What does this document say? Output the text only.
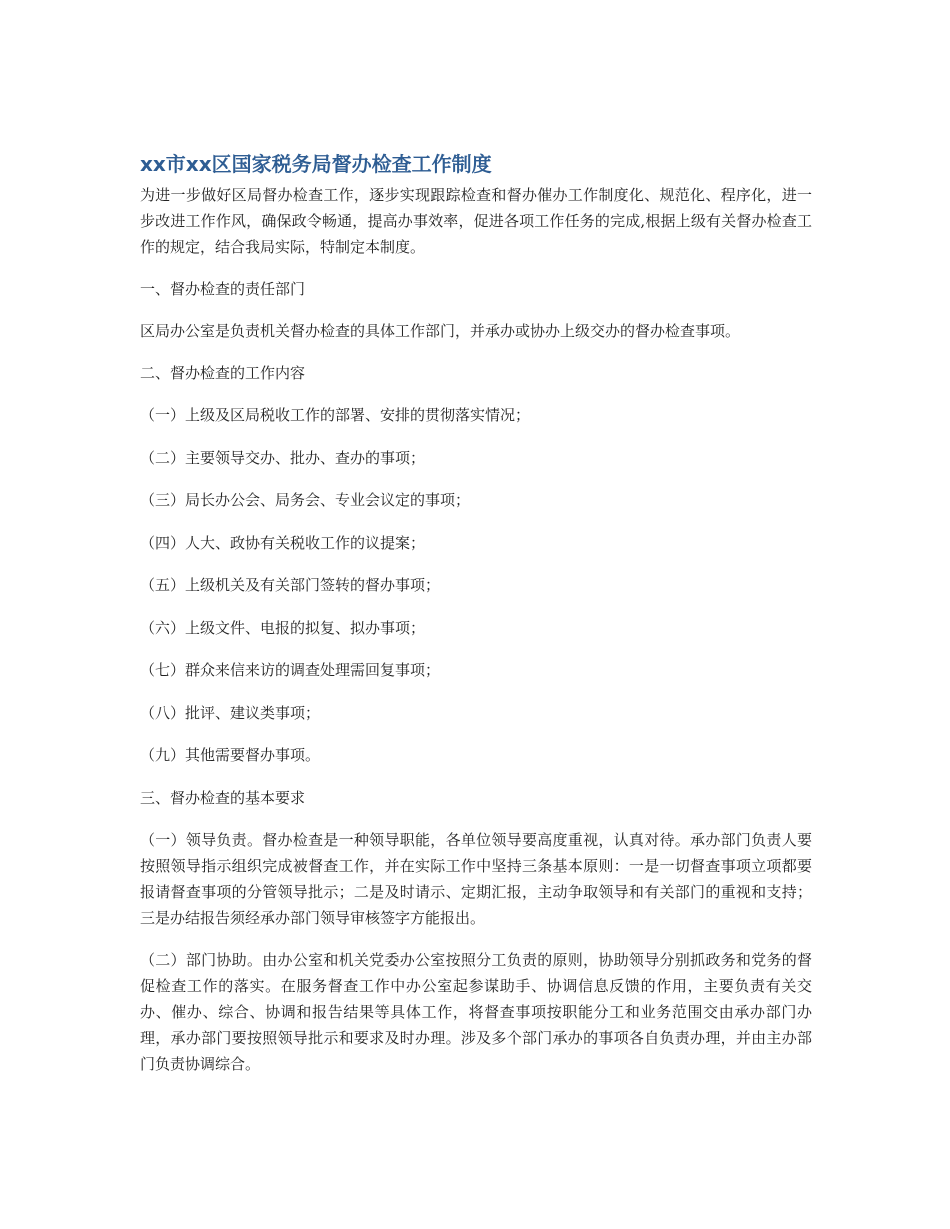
xx市xx区国家税务局督办检查工作制度

为进一步做好区局督办检查工作，逐步实现跟踪检查和督办催办工作制度化、规范化、程序化，进一步改进工作作风，确保政令畅通，提高办事效率，促进各项工作任务的完成,根据上级有关督办检查工作的规定，结合我局实际，特制定本制度。

一、督办检查的责任部门

区局办公室是负责机关督办检查的具体工作部门，并承办或协办上级交办的督办检查事项。

二、督办检查的工作内容

（一）上级及区局税收工作的部署、安排的贯彻落实情况；

（二）主要领导交办、批办、查办的事项；

（三）局长办公会、局务会、专业会议定的事项；

（四）人大、政协有关税收工作的议提案；

（五）上级机关及有关部门签转的督办事项；

（六）上级文件、电报的拟复、拟办事项；

（七）群众来信来访的调查处理需回复事项；

（八）批评、建议类事项；

（九）其他需要督办事项。

三、督办检查的基本要求

（一）领导负责。督办检查是一种领导职能，各单位领导要高度重视，认真对待。承办部门负责人要按照领导指示组织完成被督查工作，并在实际工作中坚持三条基本原则：一是一切督查事项立项都要报请督查事项的分管领导批示；二是及时请示、定期汇报，主动争取领导和有关部门的重视和支持；三是办结报告须经承办部门领导审核签字方能报出。

（二）部门协助。由办公室和机关党委办公室按照分工负责的原则，协助领导分别抓政务和党务的督促检查工作的落实。在服务督查工作中办公室起参谋助手、协调信息反馈的作用，主要负责有关交办、催办、综合、协调和报告结果等具体工作，将督查事项按职能分工和业务范围交由承办部门办理，承办部门要按照领导批示和要求及时办理。涉及多个部门承办的事项各自负责办理，并由主办部门负责协调综合。
